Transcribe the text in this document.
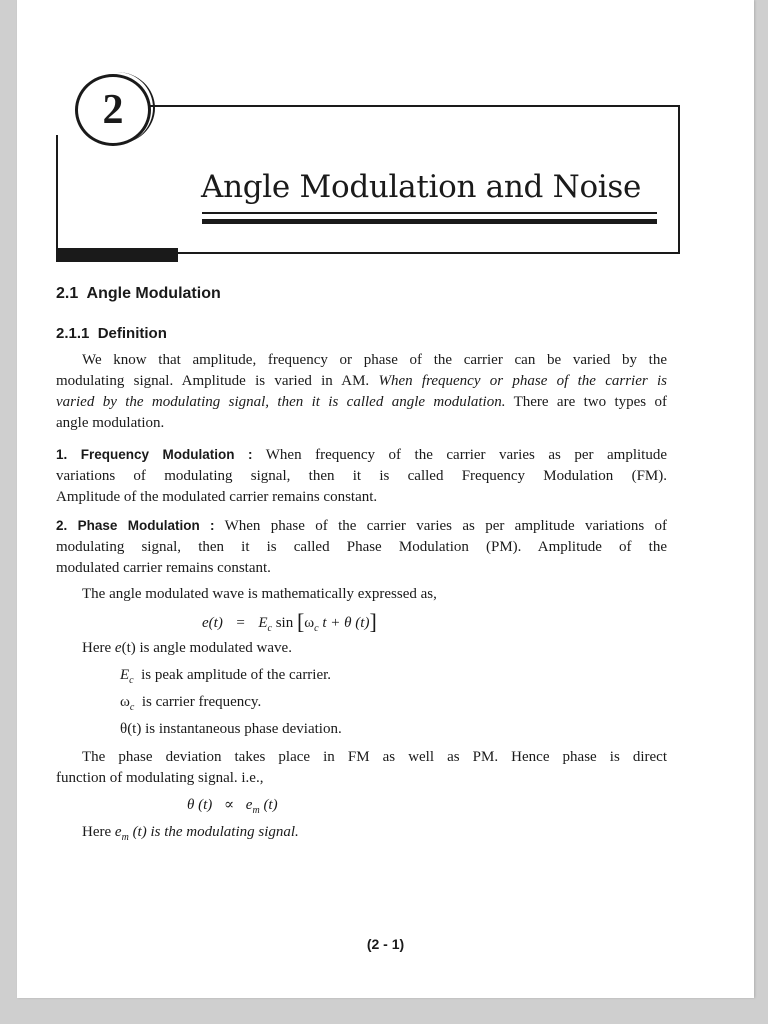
2
Angle Modulation and Noise
2.1  Angle Modulation
2.1.1  Definition
We know that amplitude, frequency or phase of the carrier can be varied by the
modulating signal. Amplitude is varied in AM. When frequency or phase of the carrier is
varied by the modulating signal, then it is called angle modulation. There are two types of
angle modulation.
1. Frequency Modulation : When frequency of the carrier varies as per amplitude
variations of modulating signal, then it is called Frequency Modulation (FM).
Amplitude of the modulated carrier remains constant.
2. Phase Modulation : When phase of the carrier varies as per amplitude variations of
modulating signal, then it is called Phase Modulation (PM). Amplitude of the
modulated carrier remains constant.
The angle modulated wave is mathematically expressed as,
$e(t) = E_c$ $\sin [\omega_c$ t + θ (t)]
Here e(t) is angle modulated wave.
$E_c$  is peak amplitude of the carrier.
$\omega_c$  is carrier frequency.
θ(t) is instantaneous phase deviation.
The phase deviation takes place in FM as well as PM. Hence phase is direct
function of modulating signal. i.e.,
θ $(t) \propto e_m$ (t)
Here $e_m$ (t) is the modulating signal.
(2 - 1)
